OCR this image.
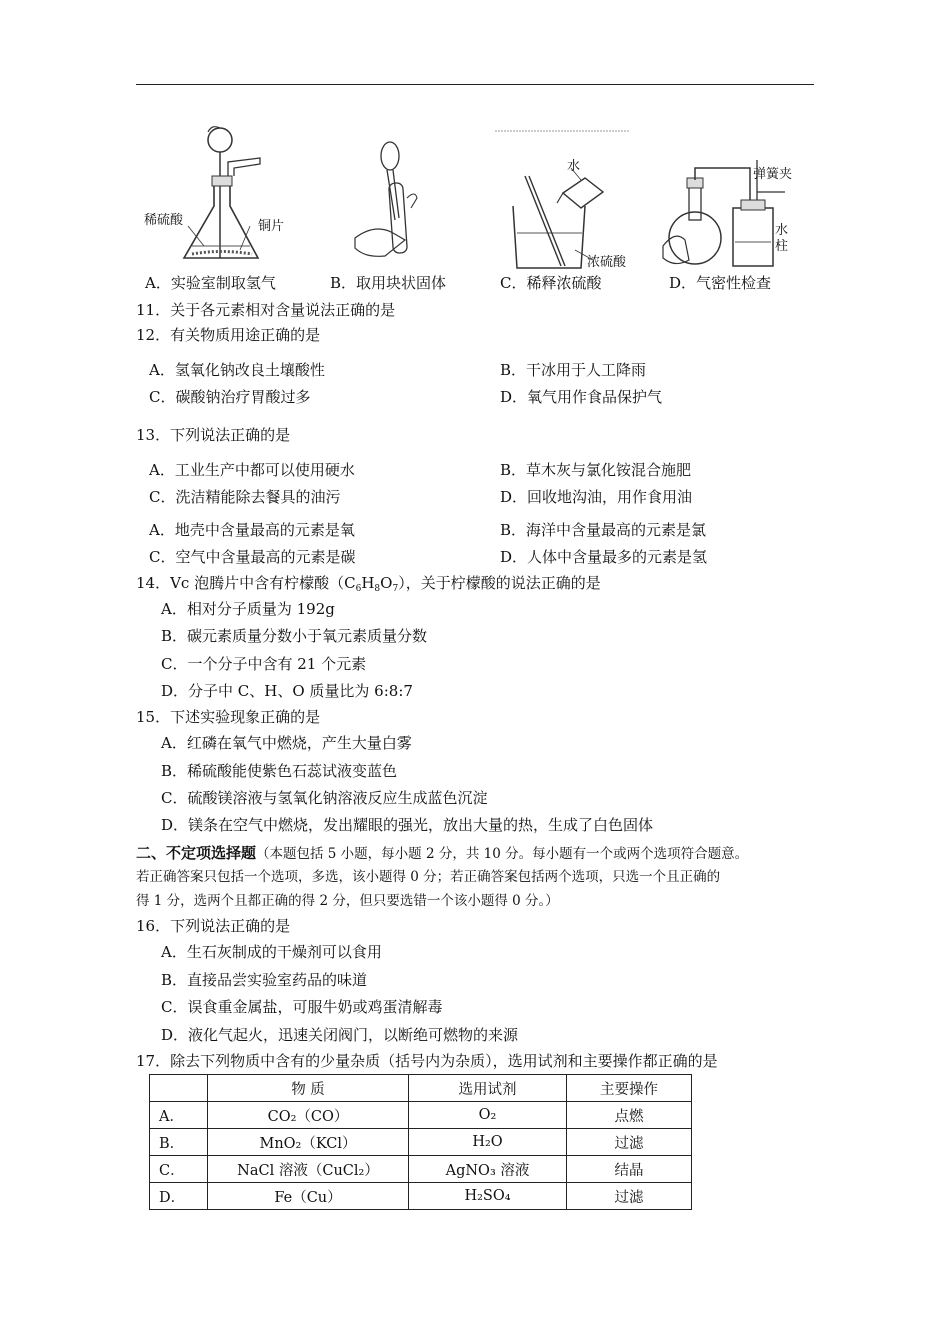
稀硫酸	铜片
水
浓硫酸
弹簧夹
水
柱
A．实验室制取氢气	B．取用块状固体	C．稀释浓硫酸	D．气密性检查
11．关于各元素相对含量说法正确的是
12．有关物质用途正确的是
A．氢氧化钠改良土壤酸性	B．干冰用于人工降雨
C．碳酸钠治疗胃酸过多	D．氧气用作食品保护气
13．下列说法正确的是
A．工业生产中都可以使用硬水	B．草木灰与氯化铵混合施肥
C．洗洁精能除去餐具的油污	D．回收地沟油，用作食用油
A．地壳中含量最高的元素是氧	B．海洋中含量最高的元素是氯
C．空气中含量最高的元素是碳	D．人体中含量最多的元素是氢
14．Vc 泡腾片中含有柠檬酸$(C_6H_8O_7)$，关于柠檬酸的说法正确的是
A．相对分子质量为 192g
B．碳元素质量分数小于氧元素质量分数
C．一个分子中含有 21 个元素
D．分子中 C、H、O 质量比为 6:8:7
15．下述实验现象正确的是
A．红磷在氧气中燃烧，产生大量白雾
B．稀硫酸能使紫色石蕊试液变蓝色
C．硫酸镁溶液与氢氧化钠溶液反应生成蓝色沉淀
D．镁条在空气中燃烧，发出耀眼的强光，放出大量的热，生成了白色固体
二、不定项选择题（本题包括 5 小题，每小题 2 分，共 10 分。每小题有一个或两个选项符合题意。
若正确答案只包括一个选项，多选，该小题得 0 分；若正确答案包括两个选项，只选一个且正确的
得 1 分，选两个且都正确的得 2 分，但只要选错一个该小题得 0 分。）
16．下列说法正确的是
A．生石灰制成的干燥剂可以食用
B．直接品尝实验室药品的味道
C．误食重金属盐，可服牛奶或鸡蛋清解毒
D．液化气起火，迅速关闭阀门，以断绝可燃物的来源
17．除去下列物质中含有的少量杂质（括号内为杂质），选用试剂和主要操作都正确的是
	物 质	选用试剂	主要操作
A．	CO₂（CO）	O₂	点燃
B．	MnO₂（KCl）	H₂O	过滤
C．	NaCl 溶液（CuCl₂）	AgNO₃ 溶液	结晶
D．	Fe（Cu）	H₂SO₄	过滤
